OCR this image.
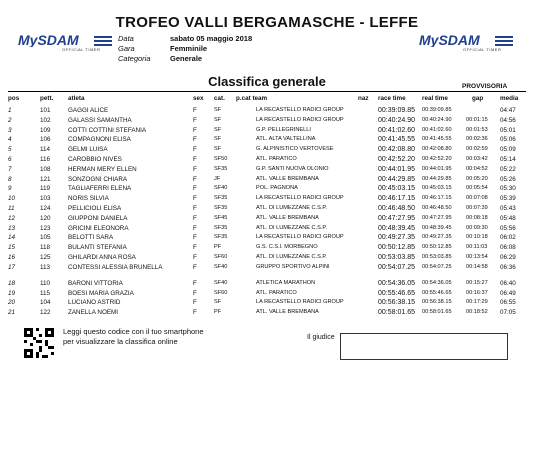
TROFEO VALLI BERGAMASCHE - LEFFE
MySDAM
OFFICIAL TIMER
MySDAM
OFFICIAL TIMER
Data	sabato 05 maggio 2018
Gara	Femminile
Categoria	Generale
Classifica generale	PROVVISORIA
pos	pett. atleta	sex cat. p.cat team	naz race time	real time	gap	media
1	101	GAGGI ALICE	F	SF	LA RECASTELLO RADICI GROUP	00:39:09.85 00:39:09.85	04:47
2	102	GALASSI SAMANTHA	F	SF	LA RECASTELLO RADICI GROUP	00:40:24.90 00:40:24.90	00:01:15 04:56
3	109	COTTI COTTINI STEFANIA	F	SF	G.P. PELLEGRINELLI	00:41:02.60 00:41:02.60	00:01:53 05:01
4	106	COMPAGNONI ELISA	F	SF	ATL. ALTA VALTELLINA	00:41:45.55 00:41:45.55	00:02:36 05:06
5	114	GELMI LUISA	F	SF	G. ALPINISTICO VERTOVESE	00:42:08.80 00:42:08.80	00:02:59 05:09
6	116	CAROBBIO NIVES	F	SF50	ATL. PARATICO	00:42:52.20 00:42:52.20	00:03:42 05:14
7	108	HERMAN MERY ELLEN	F	SF35	G.P. SANTI NUOVA OLONIO	00:44:01.95 00:44:01.95	00:04:52 05:22
8	121	SONZOGNI CHIARA	F	JF	ATL. VALLE BREMBANA	00:44:29.85 00:44:29.85	00:05:20 05:26
9	119	TAGLIAFERRI ELENA	F	SF40	POL. PAGNONA	00:45:03.15 00:45:03.15	00:05:54 05:30
10	103	NORIS SILVIA	F	SF35	LA RECASTELLO RADICI GROUP	00:46:17.15 00:46:17.15	00:07:08 05:39
11	124	PELLICIOLI ELISA	F	SF35	ATL. DI LUMEZZANE C.S.P.	00:46:48.50 00:46:48.50	00:07:39 05:43
12	120	GIUPPONI DANIELA	F	SF45	ATL. VALLE BREMBANA	00:47:27.95 00:47:27.95	00:08:18 05:48
13	123	GRICINI ELEONORA	F	SF35	ATL. DI LUMEZZANE C.S.P.	00:48:39.45 00:48:39.45	00:09:30 05:56
14	105	BELOTTI SARA	F	SF35	LA RECASTELLO RADICI GROUP	00:49:27.35 00:49:27.35	00:10:18 06:02
15	118	BULANTI STEFANIA	F	PF	G.S. C.S.I. MORBEGNO	00:50:12.85 00:50:12.85	00:11:03 06:08
16	125	GHILARDI ANNA ROSA	F	SF60	ATL. DI LUMEZZANE C.S.P.	00:53:03.85 00:53:03.85	00:13:54 06:29
17	113	CONTESSI ALESSIA BRUNELLA	F	SF40	GRUPPO SPORTIVO ALPINI	00:54:07.25 00:54:07.25	00:14:58 06:36
18	110	BARONI VITTORIA	F	SF40	ATLETICA MARATHON	00:54:36.05 00:54:36.05	00:15:27 06:40
19	115	BOESI MARIA GRAZIA	F	SF60	ATL. PARATICO	00:55:46.65 00:55:46.65	00:16:37 06:49
20	104	LUCIANO ASTRID	F	SF	LA RECASTELLO RADICI GROUP	00:56:38.15 00:56:38.15	00:17:29 06:55
21	122	ZANELLA NOEMI	F	PF	ATL. VALLE BREMBANA	00:58:01.65 00:58:01.65	00:18:52 07:05
Leggi questo codice con il tuo smartphone per visualizzare la classifica online	Il giudice
